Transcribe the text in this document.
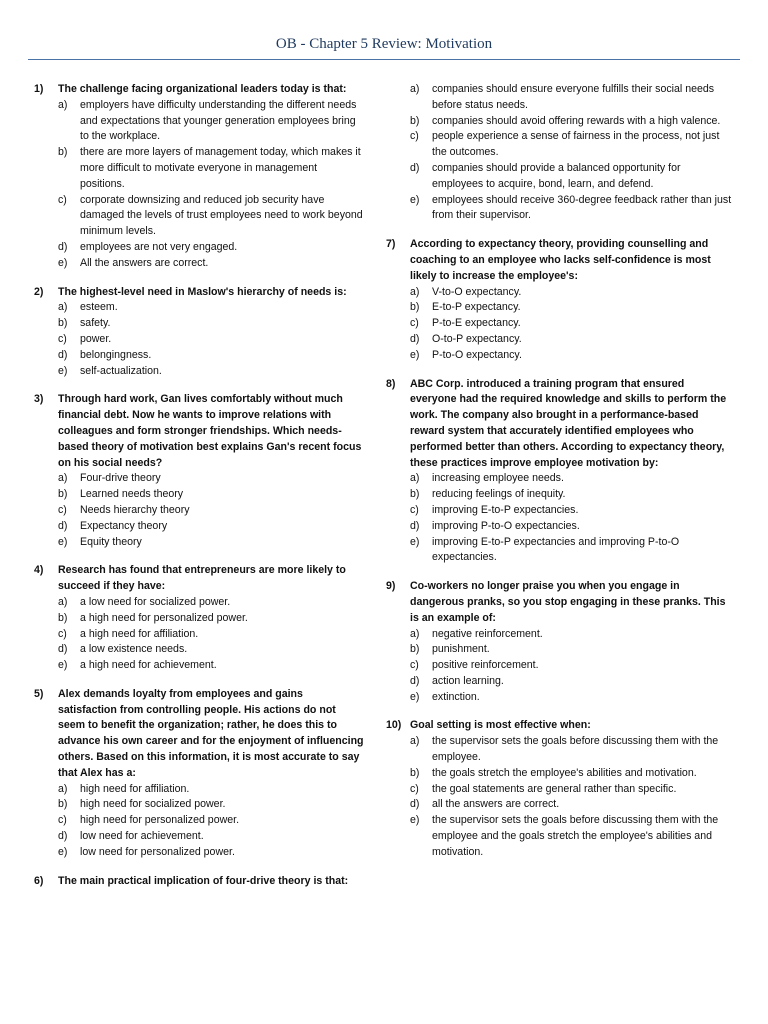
OB - Chapter 5 Review: Motivation
1)	The challenge facing organizational leaders today is that:
a)	employers have difficulty understanding the different needs and expectations that younger generation employees bring to the workplace.
b)	there are more layers of management today, which makes it more difficult to motivate everyone in management positions.
c)	corporate downsizing and reduced job security have damaged the levels of trust employees need to work beyond minimum levels.
d)	employees are not very engaged.
e)	All the answers are correct.
2)	The highest-level need in Maslow's hierarchy of needs is:
a)	esteem.
b)	safety.
c)	power.
d)	belongingness.
e)	self-actualization.
3)	Through hard work, Gan lives comfortably without much financial debt. Now he wants to improve relations with colleagues and form stronger friendships. Which needs-based theory of motivation best explains Gan's recent focus on his social needs?
a)	Four-drive theory
b)	Learned needs theory
c)	Needs hierarchy theory
d)	Expectancy theory
e)	Equity theory
4)	Research has found that entrepreneurs are more likely to succeed if they have:
a)	a low need for socialized power.
b)	a high need for personalized power.
c)	a high need for affiliation.
d)	a low existence needs.
e)	a high need for achievement.
5)	Alex demands loyalty from employees and gains satisfaction from controlling people. His actions do not seem to benefit the organization; rather, he does this to advance his own career and for the enjoyment of influencing others. Based on this information, it is most accurate to say that Alex has a:
a)	high need for affiliation.
b)	high need for socialized power.
c)	high need for personalized power.
d)	low need for achievement.
e)	low need for personalized power.
6)	The main practical implication of four-drive theory is that:
a)	companies should ensure everyone fulfills their social needs before status needs.
b)	companies should avoid offering rewards with a high valence.
c)	people experience a sense of fairness in the process, not just the outcomes.
d)	companies should provide a balanced opportunity for employees to acquire, bond, learn, and defend.
e)	employees should receive 360-degree feedback rather than just from their supervisor.
7)	According to expectancy theory, providing counselling and coaching to an employee who lacks self-confidence is most likely to increase the employee's:
a)	V-to-O expectancy.
b)	E-to-P expectancy.
c)	P-to-E expectancy.
d)	O-to-P expectancy.
e)	P-to-O expectancy.
8)	ABC Corp. introduced a training program that ensured everyone had the required knowledge and skills to perform the work. The company also brought in a performance-based reward system that accurately identified employees who performed better than others. According to expectancy theory, these practices improve employee motivation by:
a)	increasing employee needs.
b)	reducing feelings of inequity.
c)	improving E-to-P expectancies.
d)	improving P-to-O expectancies.
e)	improving E-to-P expectancies and improving P-to-O expectancies.
9)	Co-workers no longer praise you when you engage in dangerous pranks, so you stop engaging in these pranks. This is an example of:
a)	negative reinforcement.
b)	punishment.
c)	positive reinforcement.
d)	action learning.
e)	extinction.
10) Goal setting is most effective when:
a)	the supervisor sets the goals before discussing them with the employee.
b)	the goals stretch the employee's abilities and motivation.
c)	the goal statements are general rather than specific.
d)	all the answers are correct.
e)	the supervisor sets the goals before discussing them with the employee and the goals stretch the employee's abilities and motivation.
